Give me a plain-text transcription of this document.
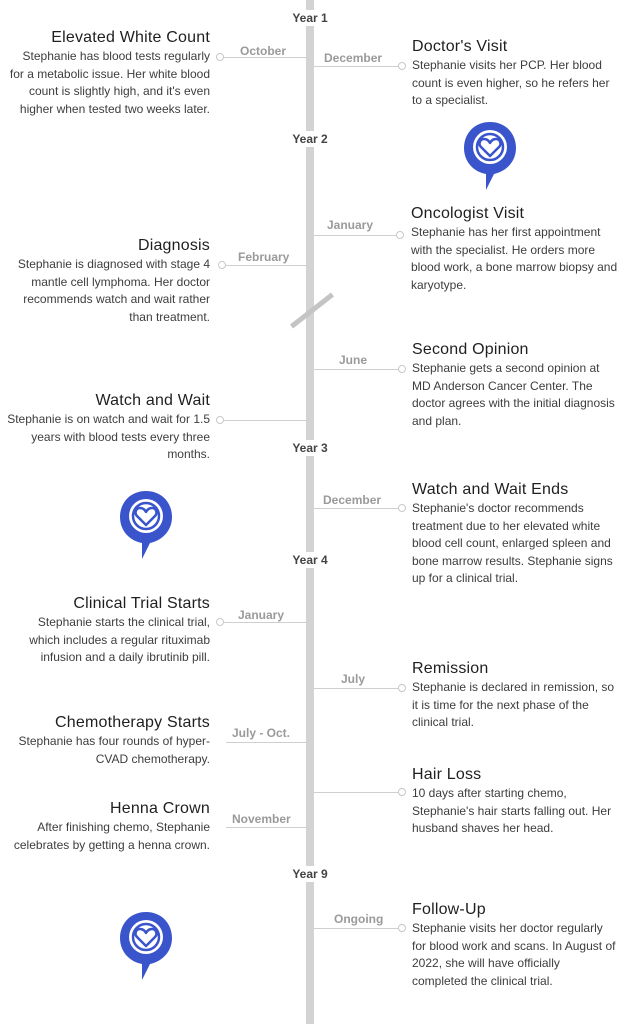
Year 1
Year 2
Year 3
Year 4
Year 9
October
Elevated White Count

Stephanie has blood tests regularly for a metabolic issue. Her white blood count is slightly high, and it's even higher when tested two weeks later.

December
Doctor's Visit

Stephanie visits her PCP. Her blood count is even higher, so he refers her to a specialist.

January
Oncologist Visit

Stephanie has her first appointment with the specialist. He orders more blood work, a bone marrow biopsy and karyotype.

February
Diagnosis

Stephanie is diagnosed with stage 4 mantle cell lymphoma. Her doctor recommends watch and wait rather than treatment.

June
Second Opinion

Stephanie gets a second opinion at MD Anderson Cancer Center. The doctor agrees with the initial diagnosis and plan.

Watch and Wait

Stephanie is on watch and wait for 1.5 years with blood tests every three months.

December
Watch and Wait Ends

Stephanie's doctor recommends treatment due to her elevated white blood cell count, enlarged spleen and bone marrow results. Stephanie signs up for a clinical trial.

January
Clinical Trial Starts

Stephanie starts the clinical trial, which includes a regular rituximab infusion and a daily ibrutinib pill.

July
Remission

Stephanie is declared in remission, so it is time for the next phase of the clinical trial.

July - Oct.
Chemotherapy Starts

Stephanie has four rounds of hyper-CVAD chemotherapy.

Hair Loss

10 days after starting chemo, Stephanie's hair starts falling out. Her husband shaves her head.

November
Henna Crown

After finishing chemo, Stephanie celebrates by getting a henna crown.

Ongoing
Follow-Up

Stephanie visits her doctor regularly for blood work and scans. In August of 2022, she will have officially completed the clinical trial.
